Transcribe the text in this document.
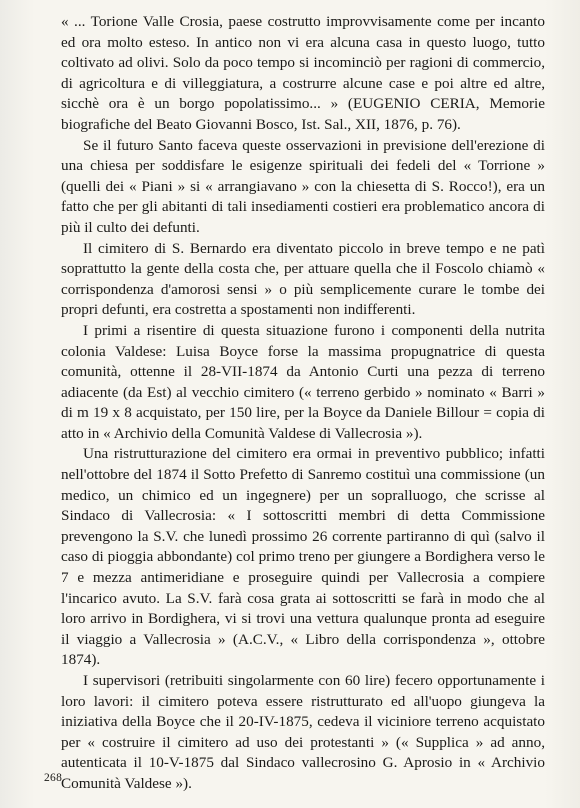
« ... Torione Valle Crosia, paese costrutto improvvisamente come per incanto ed ora molto esteso. In antico non vi era alcuna casa in questo luogo, tutto coltivato ad olivi. Solo da poco tempo si incominciò per ragioni di commercio, di agricoltura e di villeggiatura, a costrurre alcune case e poi altre ed altre, sicchè ora è un borgo popolatissimo... » (EUGENIO CERIA, Memorie biografiche del Beato Giovanni Bosco, Ist. Sal., XII, 1876, p. 76).

Se il futuro Santo faceva queste osservazioni in previsione dell'erezione di una chiesa per soddisfare le esigenze spirituali dei fedeli del « Torrione » (quelli dei « Piani » si « arrangiavano » con la chiesetta di S. Rocco!), era un fatto che per gli abitanti di tali insediamenti costieri era problematico ancora di più il culto dei defunti.

Il cimitero di S. Bernardo era diventato piccolo in breve tempo e ne patì soprattutto la gente della costa che, per attuare quella che il Foscolo chiamò « corrispondenza d'amorosi sensi » o più semplicemente curare le tombe dei propri defunti, era costretta a spostamenti non indifferenti.

I primi a risentire di questa situazione furono i componenti della nutrita colonia Valdese: Luisa Boyce forse la massima propugnatrice di questa comunità, ottenne il 28-VII-1874 da Antonio Curti una pezza di terreno adiacente (da Est) al vecchio cimitero (« terreno gerbido » nominato « Barri » di m 19 x 8 acquistato, per 150 lire, per la Boyce da Daniele Billour = copia di atto in « Archivio della Comunità Valdese di Vallecrosia »).

Una ristrutturazione del cimitero era ormai in preventivo pubblico; infatti nell'ottobre del 1874 il Sotto Prefetto di Sanremo costituì una commissione (un medico, un chimico ed un ingegnere) per un sopralluogo, che scrisse al Sindaco di Vallecrosia: « I sottoscritti membri di detta Commissione prevengono la S.V. che lunedì prossimo 26 corrente partiranno di quì (salvo il caso di pioggia abbondante) col primo treno per giungere a Bordighera verso le 7 e mezza antimeridiane e proseguire quindi per Vallecrosia a compiere l'incarico avuto. La S.V. farà cosa grata ai sottoscritti se farà in modo che al loro arrivo in Bordighera, vi si trovi una vettura qualunque pronta ad eseguire il viaggio a Vallecrosia » (A.C.V., « Libro della corrispondenza », ottobre 1874).

I supervisori (retribuiti singolarmente con 60 lire) fecero opportunamente i loro lavori: il cimitero poteva essere ristrutturato ed all'uopo giungeva la iniziativa della Boyce che il 20-IV-1875, cedeva il viciniore terreno acquistato per « costruire il cimitero ad uso dei protestanti » (« Supplica » ad anno, autenticata il 10-V-1875 dal Sindaco vallecrosino G. Aprosio in « Archivio Comunità Valdese »).

268
